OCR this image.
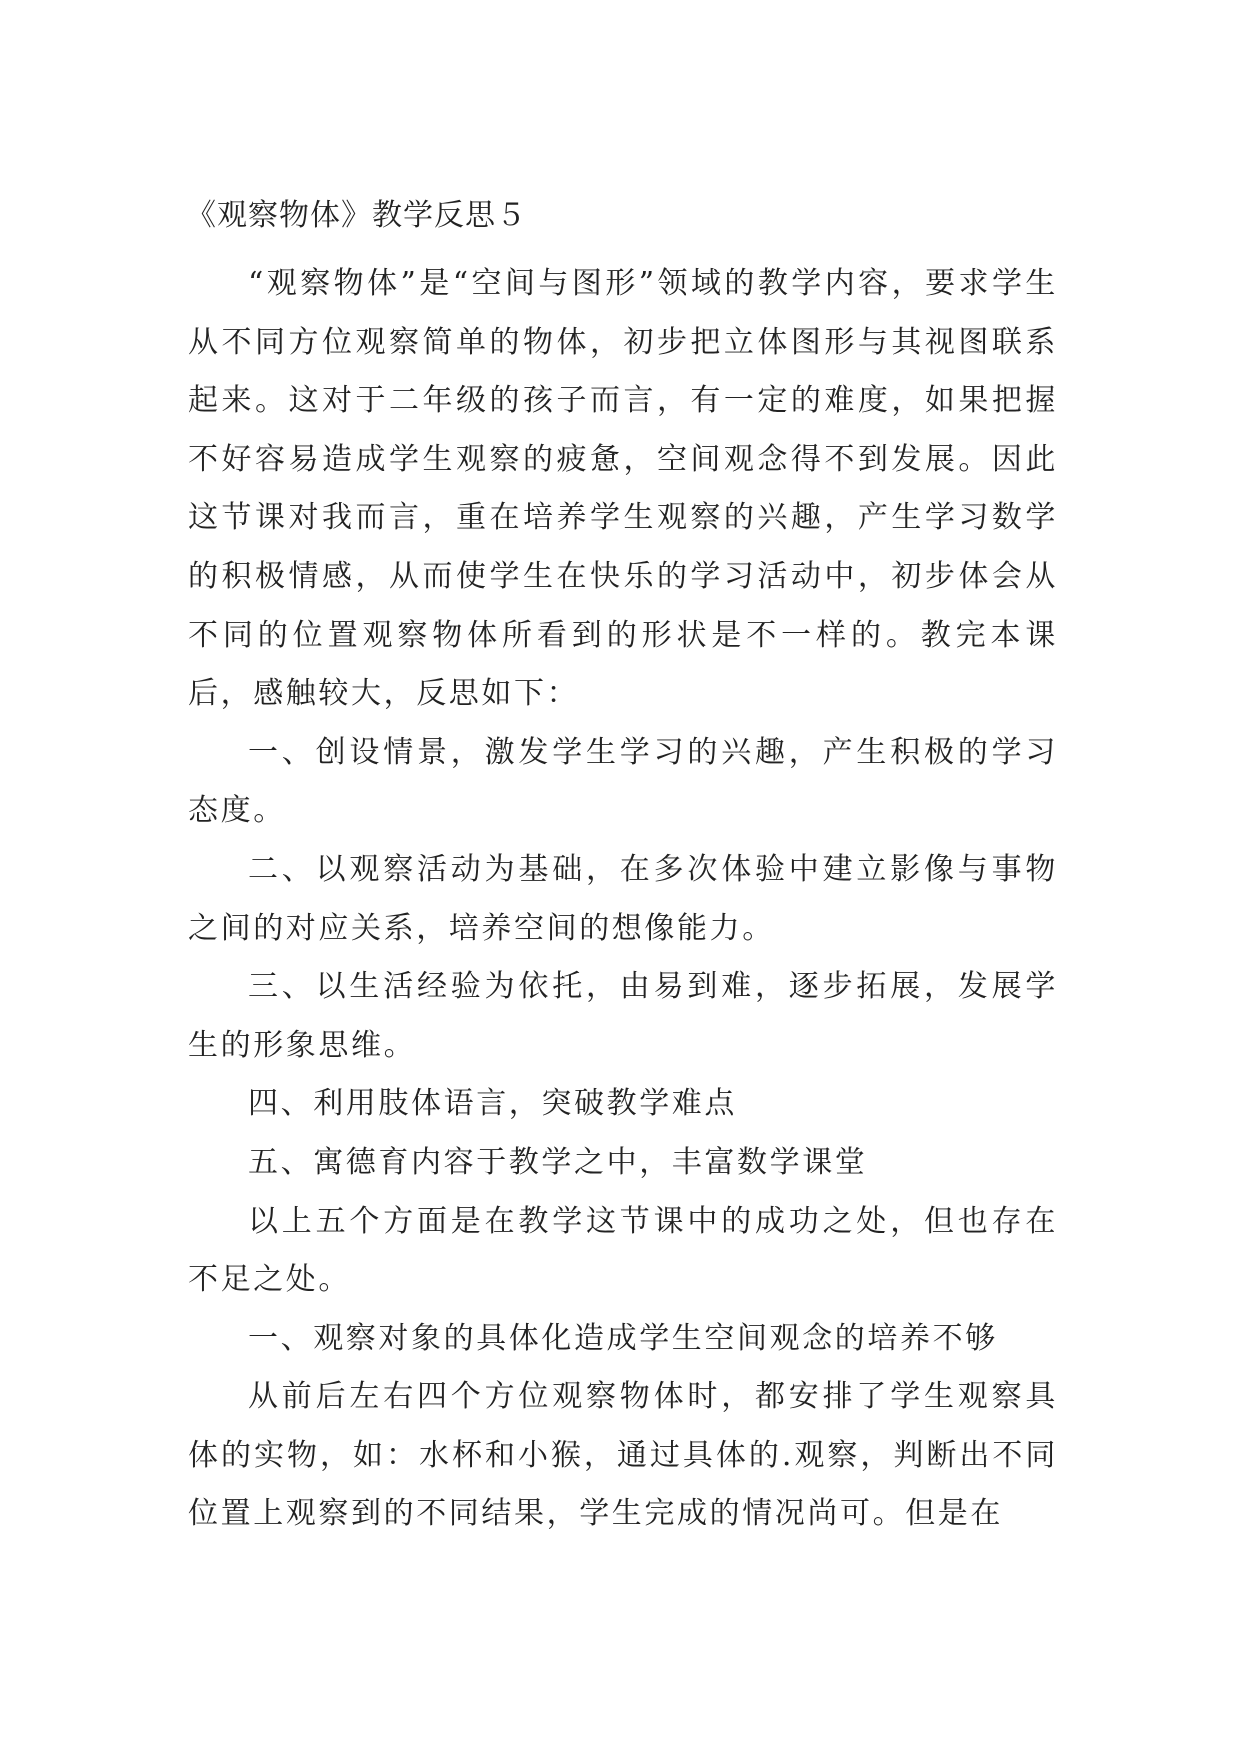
《观察物体》教学反思５

“观察物体”是“空间与图形”领域的教学内容，要求学生从不同方位观察简单的物体，初步把立体图形与其视图联系起来。这对于二年级的孩子而言，有一定的难度，如果把握不好容易造成学生观察的疲惫，空间观念得不到发展。因此这节课对我而言，重在培养学生观察的兴趣，产生学习数学的积极情感，从而使学生在快乐的学习活动中，初步体会从不同的位置观察物体所看到的形状是不一样的。教完本课后，感触较大，反思如下：

一、创设情景，激发学生学习的兴趣，产生积极的学习态度。

二、以观察活动为基础，在多次体验中建立影像与事物之间的对应关系，培养空间的想像能力。

三、以生活经验为依托，由易到难，逐步拓展，发展学生的形象思维。

四、利用肢体语言，突破教学难点

五、寓德育内容于教学之中，丰富数学课堂

以上五个方面是在教学这节课中的成功之处，但也存在不足之处。

一、观察对象的具体化造成学生空间观念的培养不够

从前后左右四个方位观察物体时，都安排了学生观察具体的实物，如：水杯和小猴，通过具体的.观察，判断出不同位置上观察到的不同结果，学生完成的情况尚可。但是在
